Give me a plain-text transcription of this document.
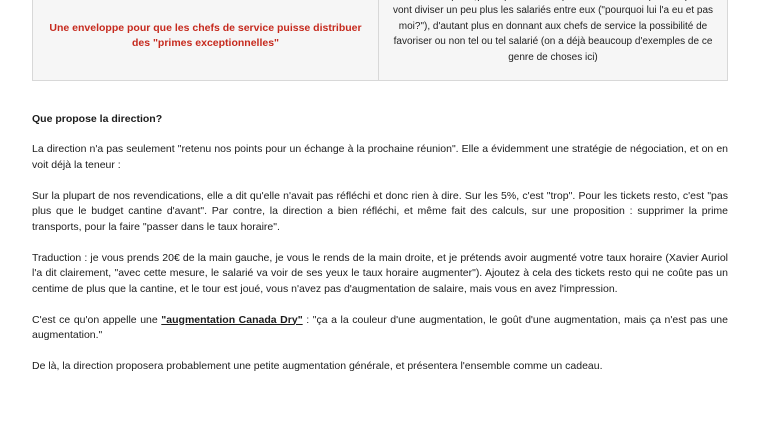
Une enveloppe pour que les chefs de service puisse distribuer des "primes exceptionnelles"
vont diviser un peu plus les salariés entre eux ("pourquoi lui l'a eu et pas moi?"), d'autant plus en donnant aux chefs de service la possibilité de favoriser ou non tel ou tel salarié (on a déjà beaucoup d'exemples de ce genre de choses ici)
Que propose la direction?

La direction n'a pas seulement "retenu nos points pour un échange à la prochaine réunion". Elle a évidemment une stratégie de négociation, et on en voit déjà la teneur :

Sur la plupart de nos revendications, elle a dit qu'elle n'avait pas réfléchi et donc rien à dire. Sur les 5%, c'est "trop". Pour les tickets resto, c'est "pas plus que le budget cantine d'avant". Par contre, la direction a bien réfléchi, et même fait des calculs, sur une proposition : supprimer la prime transports, pour la faire "passer dans le taux horaire".

Traduction : je vous prends 20€ de la main gauche, je vous le rends de la main droite, et je prétends avoir augmenté votre taux horaire (Xavier Auriol l'a dit clairement, "avec cette mesure, le salarié va voir de ses yeux le taux horaire augmenter"). Ajoutez à cela des tickets resto qui ne coûte pas un centime de plus que la cantine, et le tour est joué, vous n'avez pas d'augmentation de salaire, mais vous en avez l'impression.

C'est ce qu'on appelle une "augmentation Canada Dry" : "ça a la couleur d'une augmentation, le goût d'une augmentation, mais ça n'est pas une augmentation."

De là, la direction proposera probablement une petite augmentation générale, et présentera l'ensemble comme un cadeau.
